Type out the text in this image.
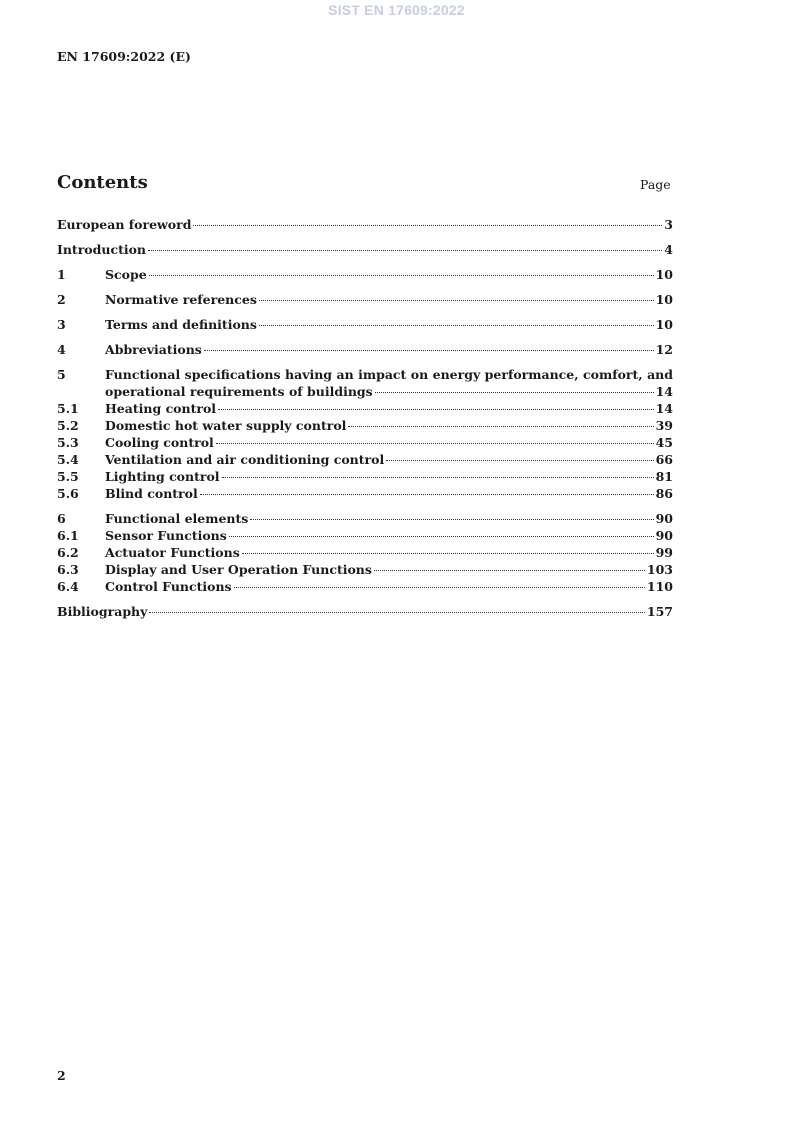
SIST EN 17609:2022
EN 17609:2022 (E)
Contents	Page
European foreword	3
Introduction	4
1	Scope	10
2	Normative references	10
3	Terms and definitions	10
4	Abbreviations	12
5	Functional specifications having an impact on energy performance, comfort, and
operational requirements of buildings	14
5.1	Heating control	14
5.2	Domestic hot water supply control	39
5.3	Cooling control	45
5.4	Ventilation and air conditioning control	66
5.5	Lighting control	81
5.6	Blind control	86
6	Functional elements	90
6.1	Sensor Functions	90
6.2	Actuator Functions	99
6.3	Display and User Operation Functions	103
6.4	Control Functions	110
Bibliography	157
2
